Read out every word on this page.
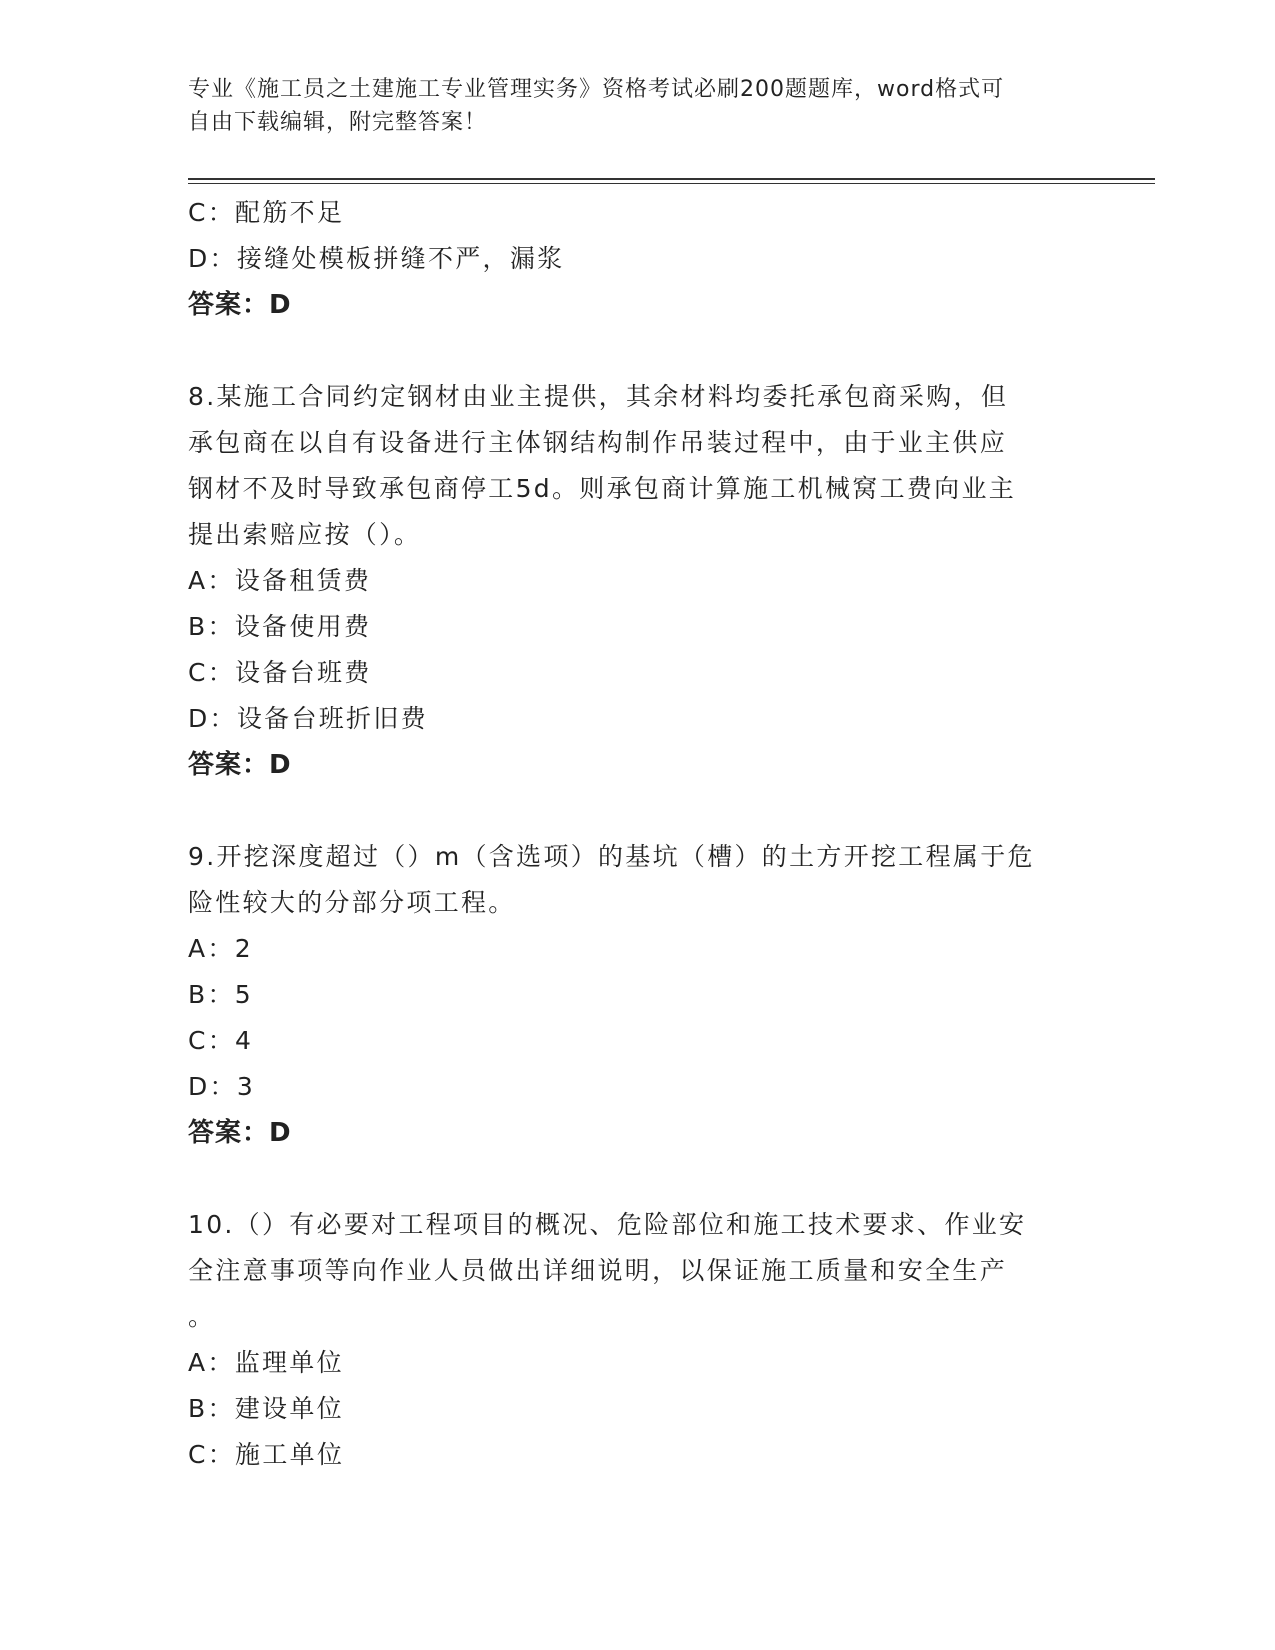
专业《施工员之土建施工专业管理实务》资格考试必刷200题题库，word格式可
自由下载编辑，附完整答案！
C：配筋不足
D：接缝处模板拼缝不严，漏浆
答案：D
8.某施工合同约定钢材由业主提供，其余材料均委托承包商采购，但
承包商在以自有设备进行主体钢结构制作吊装过程中，由于业主供应
钢材不及时导致承包商停工5d。则承包商计算施工机械窝工费向业主
提出索赔应按（）。
A：设备租赁费
B：设备使用费
C：设备台班费
D：设备台班折旧费
答案：D
9.开挖深度超过（）m（含选项）的基坑（槽）的土方开挖工程属于危
险性较大的分部分项工程。
A：2
B：5
C：4
D：3
答案：D
10.（）有必要对工程项目的概况、危险部位和施工技术要求、作业安
全注意事项等向作业人员做出详细说明，以保证施工质量和安全生产
。
A：监理单位
B：建设单位
C：施工单位
